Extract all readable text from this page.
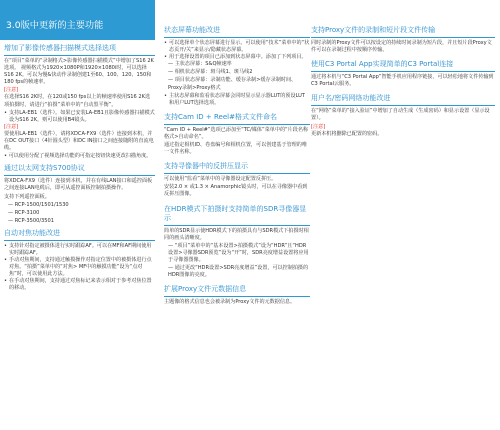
3.0版中更新的主要功能
增加了影像传感器扫描模式选择选项

在“项目”菜单的“录制格式>影像传感器扫描模式”中增加了S16 2K选项。 视频格式为1920×1080P和1920×1080i时，可以选择S16 2K。可以为慢&快动作录制创建1至60、100、120、150和180 fps的帧速率。

[注意]
在选择S16 2K时，在120或150 fps以上的帧速率使用S16 2K选项拍摄时，请进行“拍摄”菜单中的“自动黑平衡”。

• 支持LA-EB1（选件）。如果已安装LA-EB1且影像传感器扫描模式设为S16 2K，则可以使用B4镜头。

[注意]
要使用LA-EB1（选件），请将XDCA-FX9（选件）连接到本机，并在DC OUT接口（4针圆头型）和DC IN接口之间连接随附的直流电缆。

• 可以使用分配了视频选择功能的可指定按钮快速更改扫描角度。

通过以太网支持S700协议

将XDCA-FX9（选件）连接到本机，并在有线LAN接口和遥控面板之间连接LAN电缆后，即可从遥控面板控制拍摄操作。

支持下列遥控面板。

— RCP-1500/1501/1530

— RCP-3100

— RCP-3500/3501

自动对焦功能改进
• 支持针对指定被摄体进行实时跟踪AF。可以在MF和AF期间使用实时跟踪AF。
• 手动对焦期间，支持通过触摸操作对指定位置中的被摄体进行点对焦。“拍摄”菜单中的“对焦> MF中的触摸功能”设为“点对焦”时，可以使用此方法。
• 在手动对焦期间，支持通过对焦标记来表示相对于参考对焦位置的移动。
状态屏幕功能改进
• 可以选择单个状态屏幕进行显示。可以使用“技术”菜单中的“状态页开/关”来显示/隐藏状态屏幕。
• 用于选择设置的项目已添加到状态屏幕中。添加了下列项目。

— 主状态屏幕：S&Q帧速率

— 相机状态屏幕：斑马线1、斑马线2

— 项目状态屏幕：录制功能、缓存录制>缓存录制时间、Proxy录制>Proxy格式

• 主状态屏幕和监看状态屏幕会同时显示显示器LUT的预设LUT和用户LUT选择选项。
支持Cam ID + Reel#格式文件命名

“Cam ID + Reel#”选项已添加至“TC/媒体”菜单中的“片段名称格式>自动命名”。

通过指定相机ID、卷盘编号和相机位置，可以创建基于管理的唯一文件名称。

支持寻像器中的反拼压显示

可以使用“监看”菜单中的寻像器设定配置反拼压。

安装2.0 × 或1.3 × Anamorphic镜头时，可以在寻像器中看到反拼压图像。

在HDR模式下拍摄时支持简单的SDR寻像器显示

简单的SDR显示使HDR模式下的拍摄具有与SDR模式下拍摄时相同的画头清晰度。

— “项目”菜单中的“基本设置>拍摄模式”设为“HDR”且“HDR设置>寻像器SDR预览”设为“开”时，SDR亮度增益设置将应用于寻像器图像。

— 通过更改“HDR设置>SDR亮度增益”设置，可以控制拍摄的HDR图像的亮度。

扩展Proxy文件元数据信息

主题像的格式信息也会被录制为Proxy文件的元数据信息。

支持Proxy文件的录制和短片段文件传输

同时录制的Proxy文件可以按设定的持续时间录制为短片段，并且短片段Proxy文件可以在录制过程中按顺序传输。

使用C3 Portal App实现简单的C3 Portal连接

通过将本机与“C3 Portal App”智能手机应用程序链接，可以轻松地将文件传输到C3 Portal云服务。

用户名/密码网络功能改进

在“网络”菜单的“接入验证”中增加了自动生成（生成密码）和显示设置（显示设置）。

[注意]
更新本机将删除已配置的密码。
